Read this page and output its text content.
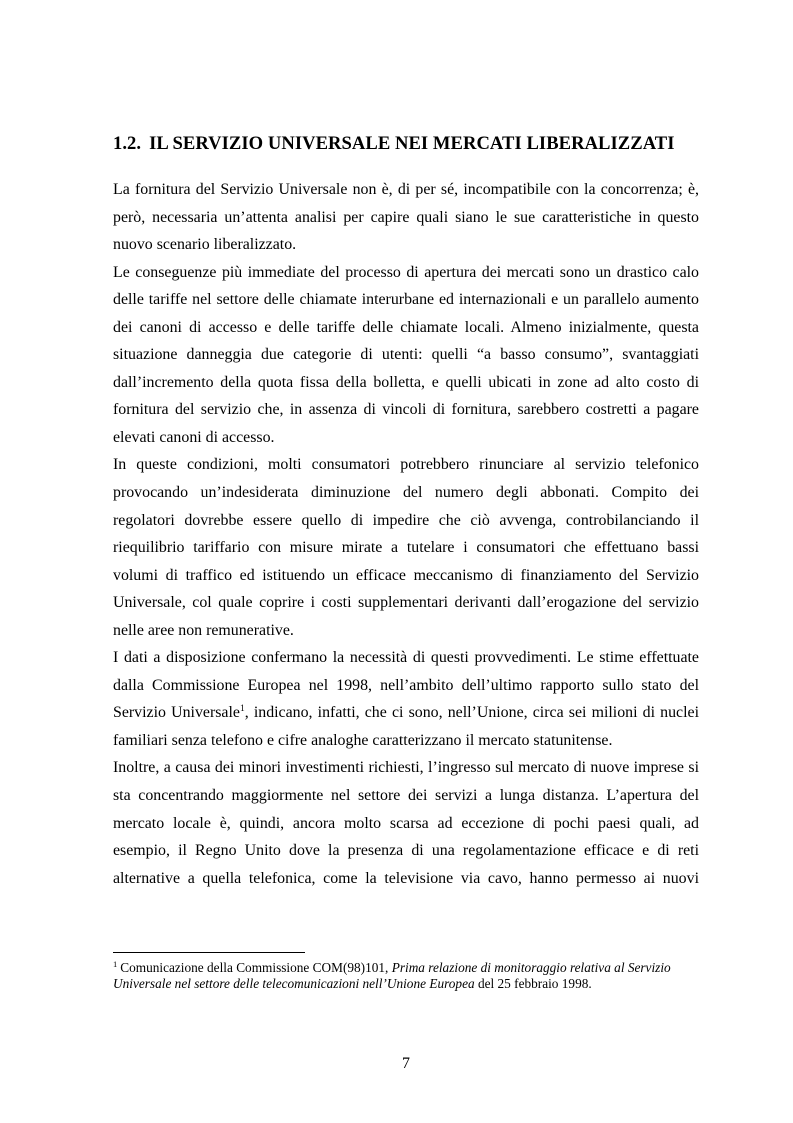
1.2. IL SERVIZIO UNIVERSALE NEI MERCATI LIBERALIZZATI

La fornitura del Servizio Universale non è, di per sé, incompatibile con la concorrenza; è,
però, necessaria un’attenta analisi per capire quali siano le sue caratteristiche in questo
nuovo scenario liberalizzato.

Le conseguenze più immediate del processo di apertura dei mercati sono un drastico calo
delle tariffe nel settore delle chiamate interurbane ed internazionali e un parallelo aumento
dei canoni di accesso e delle tariffe delle chiamate locali. Almeno inizialmente, questa
situazione danneggia due categorie di utenti: quelli “a basso consumo”, svantaggiati
dall’incremento della quota fissa della bolletta, e quelli ubicati in zone ad alto costo di
fornitura del servizio che, in assenza di vincoli di fornitura, sarebbero costretti a pagare
elevati canoni di accesso.

In queste condizioni, molti consumatori potrebbero rinunciare al servizio telefonico
provocando un’indesiderata diminuzione del numero degli abbonati. Compito dei
regolatori dovrebbe essere quello di impedire che ciò avvenga, controbilanciando il
riequilibrio tariffario con misure mirate a tutelare i consumatori che effettuano bassi
volumi di traffico ed istituendo un efficace meccanismo di finanziamento del Servizio
Universale, col quale coprire i costi supplementari derivanti dall’erogazione del servizio
nelle aree non remunerative.

I dati a disposizione confermano la necessità di questi provvedimenti. Le stime effettuate
dalla Commissione Europea nel 1998, nell’ambito dell’ultimo rapporto sullo stato del
Servizio Universale$^1$, indicano, infatti, che ci sono, nell’Unione, circa sei milioni di nuclei
familiari senza telefono e cifre analoghe caratterizzano il mercato statunitense.

Inoltre, a causa dei minori investimenti richiesti, l’ingresso sul mercato di nuove imprese si
sta concentrando maggiormente nel settore dei servizi a lunga distanza. L’apertura del
mercato locale è, quindi, ancora molto scarsa ad eccezione di pochi paesi quali, ad
esempio, il Regno Unito dove la presenza di una regolamentazione efficace e di reti
alternative a quella telefonica, come la televisione via cavo, hanno permesso ai nuovi

$^1$ Comunicazione della Commissione COM(98)101, Prima relazione di monitoraggio relativa al Servizio Universale nel settore delle telecomunicazioni nell’Unione Europea del 25 febbraio 1998.
7
